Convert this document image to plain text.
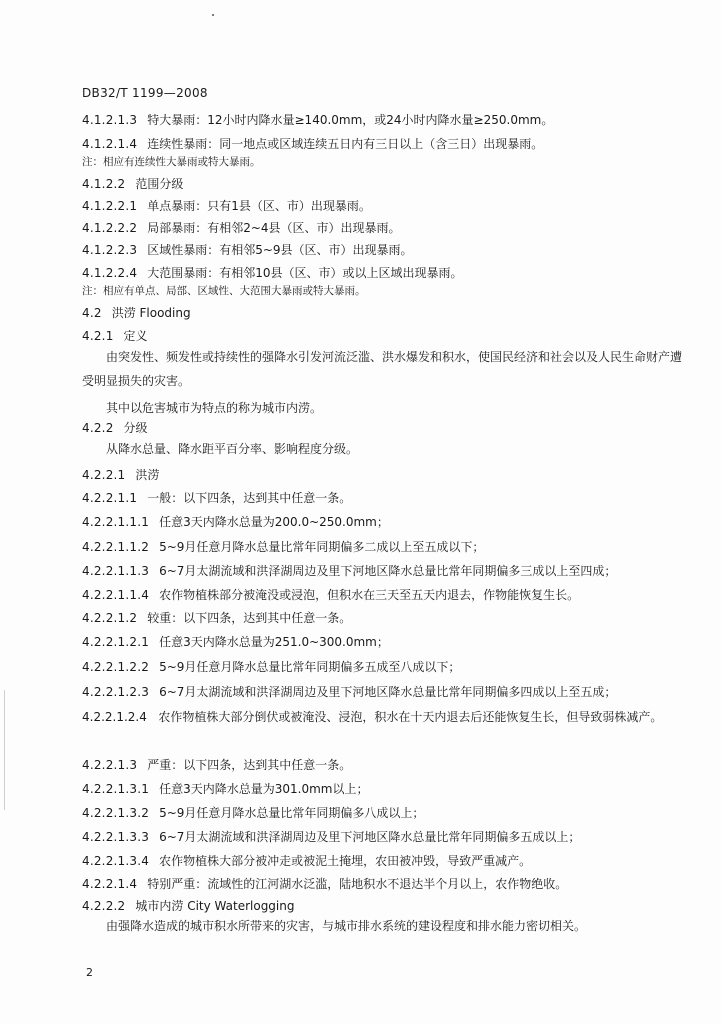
DB32/T 1199—2008
4.1.2.1.3 特大暴雨：12小时内降水量≥140.0mm，或24小时内降水量≥250.0mm。
4.1.2.1.4 连续性暴雨：同一地点或区域连续五日内有三日以上（含三日）出现暴雨。
注：相应有连续性大暴雨或特大暴雨。
4.1.2.2 范围分级
4.1.2.2.1 单点暴雨：只有1县（区、市）出现暴雨。
4.1.2.2.2 局部暴雨：有相邻2~4县（区、市）出现暴雨。
4.1.2.2.3 区域性暴雨：有相邻5~9县（区、市）出现暴雨。
4.1.2.2.4 大范围暴雨：有相邻10县（区、市）或以上区域出现暴雨。
注：相应有单点、局部、区域性、大范围大暴雨或特大暴雨。
4.2 洪涝 Flooding
4.2.1 定义
由突发性、频发性或持续性的强降水引发河流泛滥、洪水爆发和积水，使国民经济和社会以及人民生命财产遭受明显损失的灾害。
其中以危害城市为特点的称为城市内涝。
4.2.2 分级
从降水总量、降水距平百分率、影响程度分级。
4.2.2.1 洪涝
4.2.2.1.1 一般：以下四条，达到其中任意一条。
4.2.2.1.1.1 任意3天内降水总量为200.0~250.0mm；
4.2.2.1.1.2 5~9月任意月降水总量比常年同期偏多二成以上至五成以下；
4.2.2.1.1.3 6~7月太湖流域和洪泽湖周边及里下河地区降水总量比常年同期偏多三成以上至四成；
4.2.2.1.1.4 农作物植株部分被淹没或浸泡，但积水在三天至五天内退去，作物能恢复生长。
4.2.2.1.2 较重：以下四条，达到其中任意一条。
4.2.2.1.2.1 任意3天内降水总量为251.0~300.0mm；
4.2.2.1.2.2 5~9月任意月降水总量比常年同期偏多五成至八成以下；
4.2.2.1.2.3 6~7月太湖流域和洪泽湖周边及里下河地区降水总量比常年同期偏多四成以上至五成；
4.2.2.1.2.4 农作物植株大部分倒伏或被淹没、浸泡，积水在十天内退去后还能恢复生长，但导致弱株减产。
4.2.2.1.3 严重：以下四条，达到其中任意一条。
4.2.2.1.3.1 任意3天内降水总量为301.0mm以上；
4.2.2.1.3.2 5~9月任意月降水总量比常年同期偏多八成以上；
4.2.2.1.3.3 6~7月太湖流域和洪泽湖周边及里下河地区降水总量比常年同期偏多五成以上；
4.2.2.1.3.4 农作物植株大部分被冲走或被泥土掩埋，农田被冲毁，导致严重减产。
4.2.2.1.4 特别严重：流域性的江河湖水泛滥，陆地积水不退达半个月以上，农作物绝收。
4.2.2.2 城市内涝 City Waterlogging
由强降水造成的城市积水所带来的灾害，与城市排水系统的建设程度和排水能力密切相关。
2
